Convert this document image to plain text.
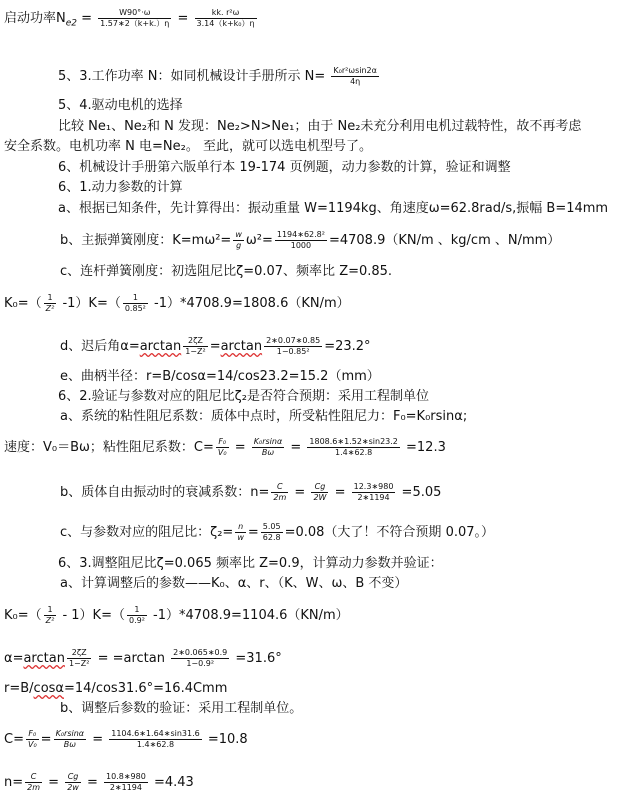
启动功率$N_{e2} = \frac{W90^\circ\cdot\omega}{1.57∗2(k+k.)\eta} = \frac{\text{kk. r²ω}}{\text{3.14（k+k₀）η}}$
5、3.工作功率 N：如同机械设计手册所示 $N= \frac{\text{K₀r²ωsin2α}}{4\eta}$
5、4.驱动电机的选择
比较 Ne₁、Ne₂和 N 发现：Ne₂>N>Ne₁；由于 Ne₂未充分利用电机过载特性，故不再考虑
安全系数。电机功率 N 电=Ne₂。 至此，就可以选电机型号了。
6、机械设计手册第六版单行本 19-174 页例题，动力参数的计算，验证和调整
6、1.动力参数的计算
a、根据已知条件，先计算得出：振动重量 W=1194kg、角速度ω=62.8rad/s,振幅 B=14mm
b、主振弹簧刚度：$K=m\omega^2= \frac{w}{g} \omega^2= \frac{\text{1194∗62.8²}}{1000} =4708.9(KN/m$ 、kg/cm 、N/mm）
c、连杆弹簧刚度：初选阻尼比ζ=0.07、频率比 Z=0.85.
$K_0=( \frac{1}{\text{Z²}} -1)K=( \frac{1}{\text{0.85²}} -1)*4708.9=1808.6(KN/m)$
d、迟后角$\alpha=\arctan \frac{2\zeta Z}{\text{1−Z²}} =\arctan \frac{2∗0.07∗0.85}{\text{1−0.85²}} =23.2^\circ$
e、曲柄半径：r=B/cosα=14/cos23.2=15.2（mm）
6、2.验证与参数对应的阻尼比ζ₂是否符合预期：采用工程制单位
a、系统的粘性阻尼系数：质体中点时，所受粘性阻尼力：F₀=K₀rsinα;
速度：V₀＝Bω；粘性阻尼系数：$C= \frac{\text{F₀}}{\text{V₀}} = \frac{\text{K₀rsinα}}{B\omega} = \frac{1808.6∗1.52∗\sin 23.2}{1.4∗62.8} =12.3$
b、质体自由振动时的衰减系数：$n= \frac{C}{2m} = \frac{Cg}{2W} = \frac{12.3∗980}{2∗1194} =5.05$
c、与参数对应的阻尼比：$\zeta_2= \frac{n}{w} = \frac{5.05}{62.8} =0.08$（大了！不符合预期 0.07。）
6、3.调整阻尼比ζ=0.065 频率比 Z=0.9，计算动力参数并验证：
a、计算调整后的参数——K₀、α、r、（K、W、ω、B 不变）
$K_0=( \frac{1}{\text{Z²}} - 1)K=( \frac{1}{\text{0.9²}} -1)*4708.9=1104.6(KN/m)$
$\alpha=\arctan \frac{2\zeta Z}{\text{1−Z²}} = =\arctan \frac{2∗0.065∗0.9}{\text{1−0.9²}} =31.6^\circ$
r=B/cosα=14/cos31.6°=16.4Cmm
b、调整后参数的验证：采用工程制单位。
$C= \frac{\text{F₀}}{\text{V₀}} = \frac{\text{K₀rsinα}}{B\omega} = \frac{1104.6∗1.64∗\sin 31.6}{1.4∗62.8} =10.8$
$n= \frac{C}{2m} = \frac{Cg}{2w} = \frac{10.8∗980}{2∗1194} =4.43$
